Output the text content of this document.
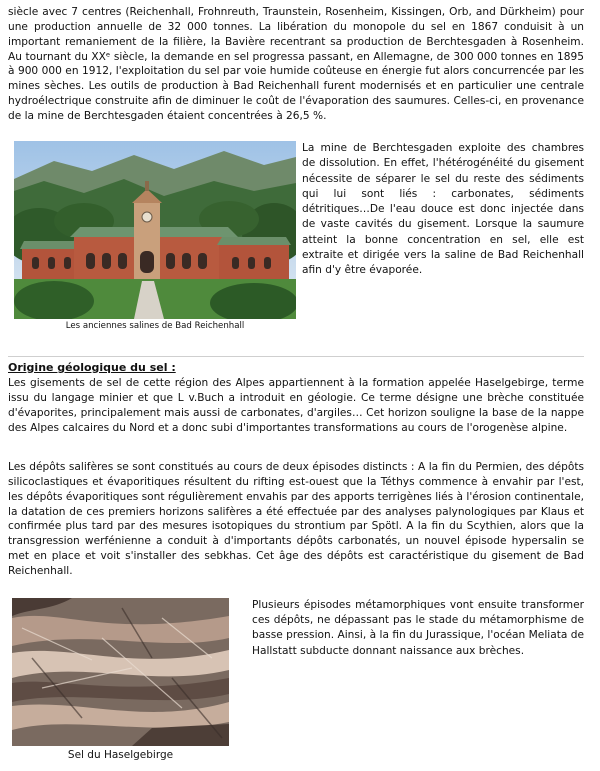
siècle avec 7 centres (Reichenhall, Frohnreuth, Traunstein, Rosenheim, Kissingen, Orb, and Dürkheim) pour une production annuelle de 32 000 tonnes. La libération du monopole du sel en 1867 conduisit à un important remaniement de la filière, la Bavière recentrant sa production de Berchtesgaden à Rosenheim. Au tournant du XXᵉ siècle, la demande en sel progressa passant, en Allemagne, de 300 000 tonnes en 1895 à 900 000 en 1912, l'exploitation du sel par voie humide coûteuse en énergie fut alors concurrencée par les mines sèches. Les outils de production à Bad Reichenhall furent modernisés et en particulier une centrale hydroélectrique construite afin de diminuer le coût de l'évaporation des saumures. Celles-ci, en provenance de la mine de Berchtesgaden étaient concentrées à 26,5 %.

Les anciennes salines de Bad Reichenhall

La mine de Berchtesgaden exploite des chambres de dissolution. En effet, l'hétérogénéité du gisement nécessite de séparer le sel du reste des sédiments qui lui sont liés : carbonates, sédiments détritiques…De l'eau douce est donc injectée dans de vaste cavités du gisement. Lorsque la saumure atteint la bonne concentration en sel, elle est extraite et dirigée vers la saline de Bad Reichenhall afin d'y être évaporée.

Origine géologique du sel :

Les gisements de sel de cette région des Alpes appartiennent à la formation appelée Haselgebirge, terme issu du langage minier et que L v.Buch a introduit en géologie. Ce terme désigne une brèche constituée d'évaporites, principalement mais aussi de carbonates, d'argiles… Cet horizon souligne la base de la nappe des Alpes calcaires du Nord et a donc subi d'importantes transformations au cours de l'orogenèse alpine.

Les dépôts salifères se sont constitués au cours de deux épisodes distincts : A la fin du Permien, des dépôts silicoclastiques et évaporitiques résultent du rifting est-ouest que la Téthys commence à envahir par l'est, les dépôts évaporitiques sont régulièrement envahis par des apports terrigènes liés à l'érosion continentale, la datation de ces premiers horizons salifères a été effectuée par des analyses palynologiques par Klaus et confirmée plus tard par des mesures isotopiques du strontium par Spötl. A la fin du Scythien, alors que la transgression werfénienne a conduit à d'importants dépôts carbonatés, un nouvel épisode hypersalin se met en place et voit s'installer des sebkhas. Cet âge des dépôts est caractéristique du gisement de Bad Reichenhall.

Sel du Haselgebirge

Plusieurs épisodes métamorphiques vont ensuite transformer ces dépôts, ne dépassant pas le stade du métamorphisme de basse pression. Ainsi, à la fin du Jurassique, l'océan Meliata de Hallstatt subducte donnant naissance aux brèches.
